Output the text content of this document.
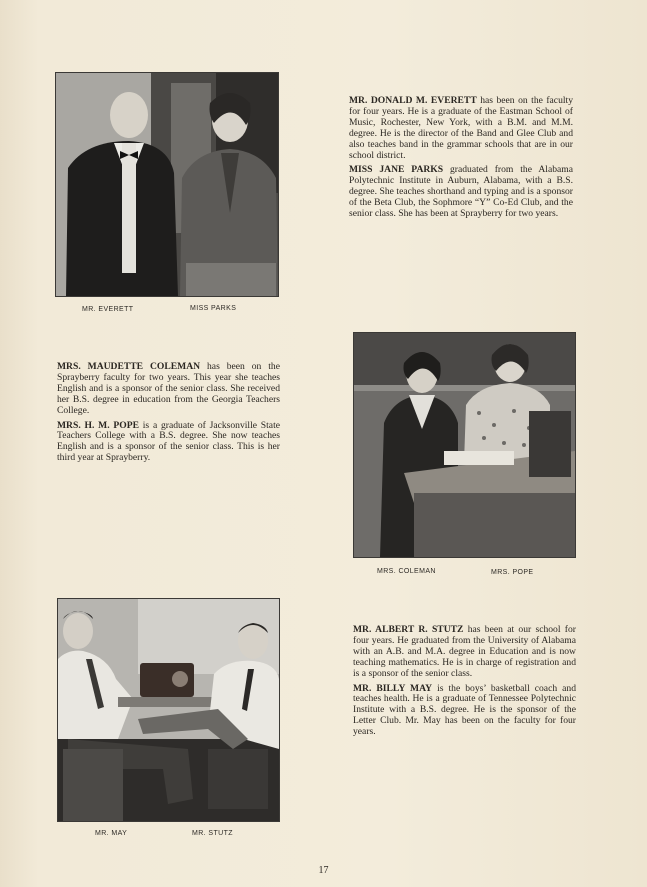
MR. EVERETT	MISS PARKS

MR. DONALD M. EVERETT has been on the faculty for four years. He is a graduate of the Eastman School of Music, Rochester, New York, with a B.M. and M.M. degree. He is the director of the Band and Glee Club and also teaches band in the grammar schools that are in our school district.

MISS JANE PARKS graduated from the Alabama Polytechnic Institute in Auburn, Alabama, with a B.S. degree. She teaches shorthand and typing and is a sponsor of the Beta Club, the Sophmore “Y” Co-Ed Club, and the senior class. She has been at Sprayberry for two years.

MRS. MAUDETTE COLEMAN has been on the Sprayberry faculty for two years. This year she teaches English and is a sponsor of the senior class. She received her B.S. degree in education from the Georgia Teachers College.

MRS. H. M. POPE is a graduate of Jacksonville State Teachers College with a B.S. degree. She now teaches English and is a sponsor of the senior class. This is her third year at Sprayberry.

MRS. COLEMAN	MRS. POPE
MR. MAY	MR. STUTZ

MR. ALBERT R. STUTZ has been at our school for four years. He graduated from the University of Alabama with an A.B. and M.A. degree in Education and is now teaching mathematics. He is in charge of registration and is a sponsor of the senior class.

MR. BILLY MAY is the boys’ basketball coach and teaches health. He is a graduate of Tennessee Polytechnic Institute with a B.S. degree. He is the sponsor of the Letter Club. Mr. May has been on the faculty for four years.

17
